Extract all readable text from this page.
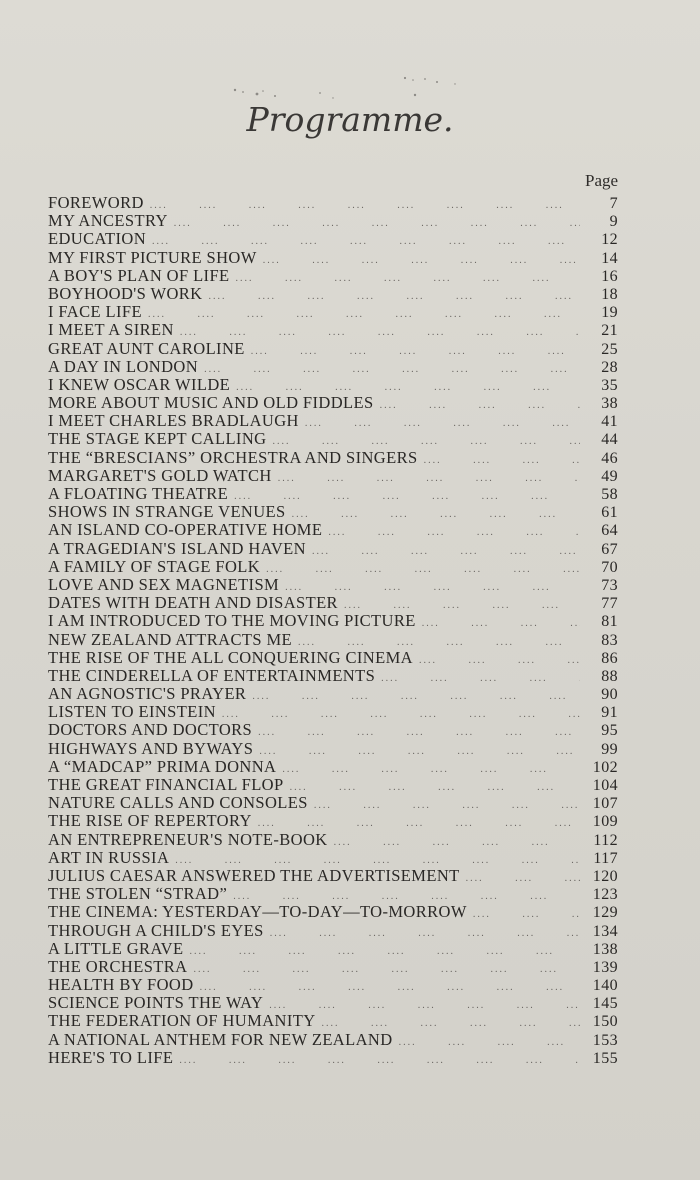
Programme.
Page
FOREWORD ....	7
MY ANCESTRY ....	9
EDUCATION ....	12
MY FIRST PICTURE SHOW ....	14
A BOY'S PLAN OF LIFE ....	16
BOYHOOD'S WORK ....	18
I FACE LIFE ....	19
I MEET A SIREN ....	21
GREAT AUNT CAROLINE ....	25
A DAY IN LONDON ....	28
I KNEW OSCAR WILDE ....	35
MORE ABOUT MUSIC AND OLD FIDDLES ....	38
I MEET CHARLES BRADLAUGH ....	41
THE STAGE KEPT CALLING ....	44
THE “BRESCIANS” ORCHESTRA AND SINGERS ....	46
MARGARET'S GOLD WATCH ....	49
A FLOATING THEATRE ....	58
SHOWS IN STRANGE VENUES ....	61
AN ISLAND CO-OPERATIVE HOME ....	64
A TRAGEDIAN'S ISLAND HAVEN ....	67
A FAMILY OF STAGE FOLK ....	70
LOVE AND SEX MAGNETISM ....	73
DATES WITH DEATH AND DISASTER ....	77
I AM INTRODUCED TO THE MOVING PICTURE ....	81
NEW ZEALAND ATTRACTS ME ....	83
THE RISE OF THE ALL CONQUERING CINEMA ....	86
THE CINDERELLA OF ENTERTAINMENTS ....	88
AN AGNOSTIC'S PRAYER ....	90
LISTEN TO EINSTEIN ....	91
DOCTORS AND DOCTORS ....	95
HIGHWAYS AND BYWAYS ....	99
A “MADCAP” PRIMA DONNA ....	102
THE GREAT FINANCIAL FLOP ....	104
NATURE CALLS AND CONSOLES ....	107
THE RISE OF REPERTORY ....	109
AN ENTREPRENEUR'S NOTE-BOOK ....	112
ART IN RUSSIA ....	117
JULIUS CAESAR ANSWERED THE ADVERTISEMENT ....	120
THE STOLEN “STRAD” ....	123
THE CINEMA: YESTERDAY—TO-DAY—TO-MORROW ....	129
THROUGH A CHILD'S EYES ....	134
A LITTLE GRAVE ....	138
THE ORCHESTRA ....	139
HEALTH BY FOOD ....	140
SCIENCE POINTS THE WAY ....	145
THE FEDERATION OF HUMANITY ....	150
A NATIONAL ANTHEM FOR NEW ZEALAND ....	153
HERE'S TO LIFE ....	155
